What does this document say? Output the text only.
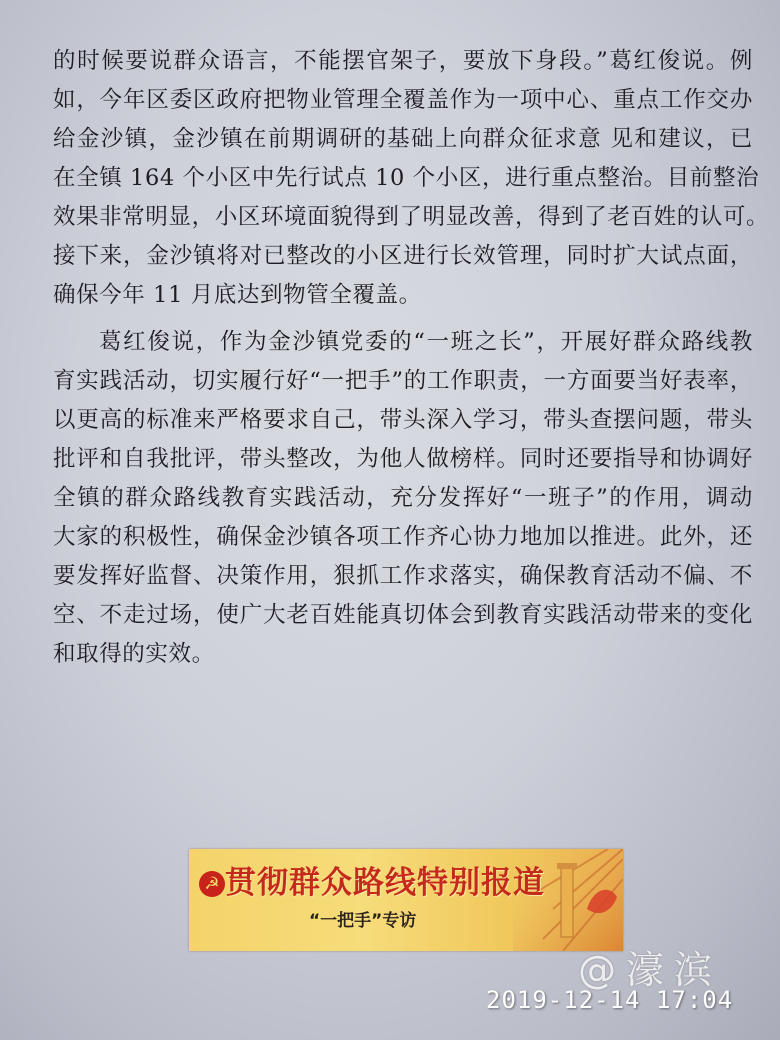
的时候要说群众语言，不能摆官架子，要放下身段。”葛红俊说。例
如，今年区委区政府把物业管理全覆盖作为一项中心、重点工作交办
给金沙镇，金沙镇在前期调研的基础上向群众征求意 见和建议，已
在全镇 164 个小区中先行试点 10 个小区，进行重点整治。目前整治
效果非常明显，小区环境面貌得到了明显改善，得到了老百姓的认可。
接下来，金沙镇将对已整改的小区进行长效管理，同时扩大试点面，
确保今年 11 月底达到物管全覆盖。
葛红俊说，作为金沙镇党委的“一班之长”，开展好群众路线教
育实践活动，切实履行好“一把手”的工作职责，一方面要当好表率，
以更高的标准来严格要求自己，带头深入学习，带头查摆问题，带头
批评和自我批评，带头整改，为他人做榜样。同时还要指导和协调好
全镇的群众路线教育实践活动，充分发挥好“一班子”的作用，调动
大家的积极性，确保金沙镇各项工作齐心协力地加以推进。此外，还
要发挥好监督、决策作用，狠抓工作求落实，确保教育活动不偏、不
空、不走过场，使广大老百姓能真切体会到教育实践活动带来的变化
和取得的实效。
☭ 贯彻群众路线特别报道
“一把手”专访
@濠滨
2019-12-14 17:04
